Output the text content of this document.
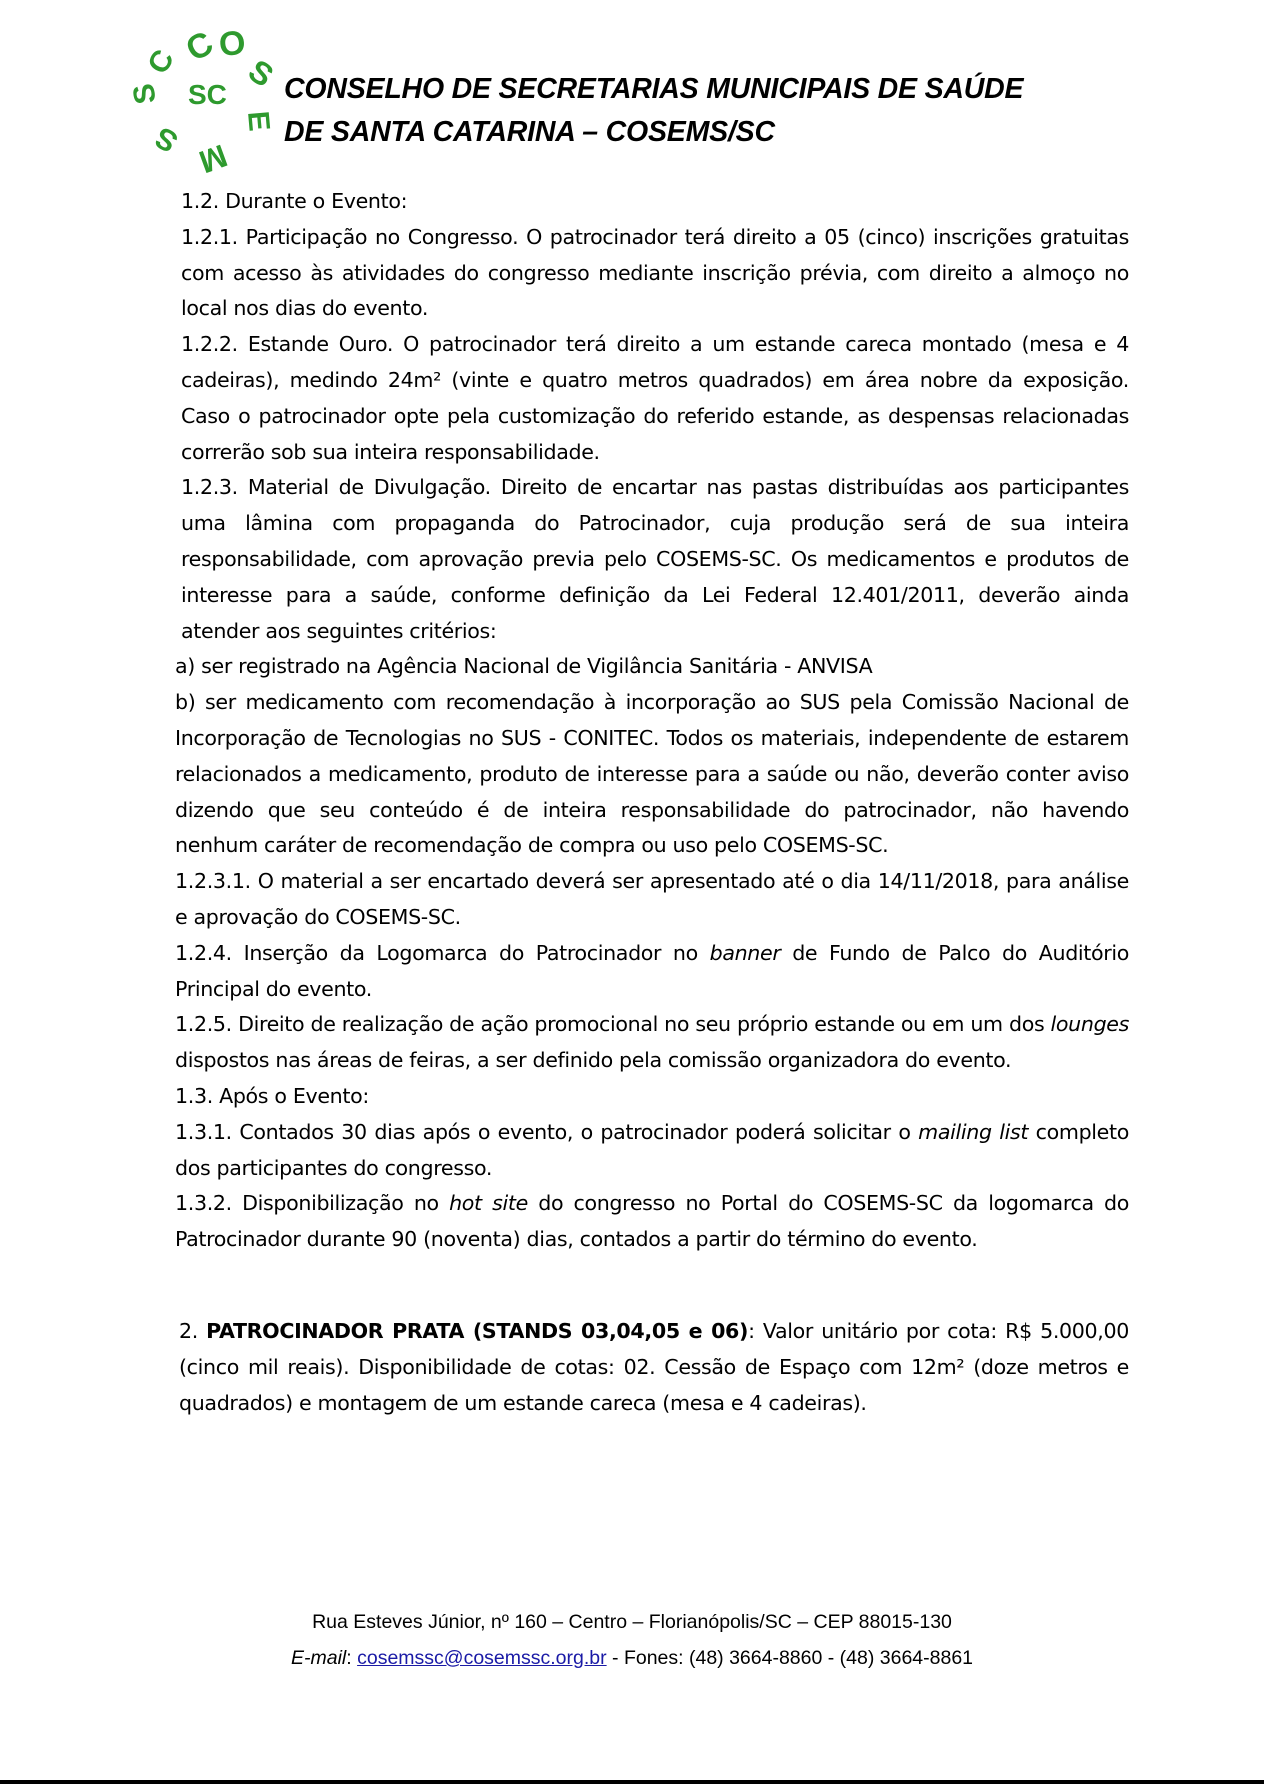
C
O
S
E
M
S
S
C
SC CONSELHO DE SECRETARIAS MUNICIPAIS DE SAÚDE
DE SANTA CATARINA – COSEMS/SC

1.2. Durante o Evento:

1.2.1. Participação no Congresso. O patrocinador terá direito a 05 (cinco) inscrições gratuitas com acesso às atividades do congresso mediante inscrição prévia, com direito a almoço no local nos dias do evento.

1.2.2. Estande Ouro. O patrocinador terá direito a um estande careca montado (mesa e 4 cadeiras), medindo 24m² (vinte e quatro metros quadrados) em área nobre da exposição. Caso o patrocinador opte pela customização do referido estande, as despensas relacionadas correrão sob sua inteira responsabilidade.

1.2.3. Material de Divulgação. Direito de encartar nas pastas distribuídas aos participantes uma lâmina com propaganda do Patrocinador, cuja produção será de sua inteira responsabilidade, com aprovação previa pelo COSEMS-SC. Os medicamentos e produtos de interesse para a saúde, conforme definição da Lei Federal 12.401/2011, deverão ainda atender aos seguintes critérios:

a) ser registrado na Agência Nacional de Vigilância Sanitária - ANVISA

b) ser medicamento com recomendação à incorporação ao SUS pela Comissão Nacional de Incorporação de Tecnologias no SUS - CONITEC. Todos os materiais, independente de estarem relacionados a medicamento, produto de interesse para a saúde ou não, deverão conter aviso dizendo que seu conteúdo é de inteira responsabilidade do patrocinador, não havendo nenhum caráter de recomendação de compra ou uso pelo COSEMS-SC.

1.2.3.1. O material a ser encartado deverá ser apresentado até o dia 14/11/2018, para análise e aprovação do COSEMS-SC.

1.2.4. Inserção da Logomarca do Patrocinador no banner de Fundo de Palco do Auditório Principal do evento.

1.2.5. Direito de realização de ação promocional no seu próprio estande ou em um dos lounges dispostos nas áreas de feiras, a ser definido pela comissão organizadora do evento.

1.3. Após o Evento:

1.3.1. Contados 30 dias após o evento, o patrocinador poderá solicitar o mailing list completo dos participantes do congresso.

1.3.2. Disponibilização no hot site do congresso no Portal do COSEMS-SC da logomarca do Patrocinador durante 90 (noventa) dias, contados a partir do término do evento.

2. PATROCINADOR PRATA (STANDS 03,04,05 e 06): Valor unitário por cota: R$ 5.000,00 (cinco mil reais). Disponibilidade de cotas: 02. Cessão de Espaço com 12m² (doze metros e quadrados) e montagem de um estande careca (mesa e 4 cadeiras).

Rua Esteves Júnior, nº 160 – Centro – Florianópolis/SC – CEP 88015-130
E-mail: cosemssc@cosemssc.org.br - Fones: (48) 3664-8860 - (48) 3664-8861
